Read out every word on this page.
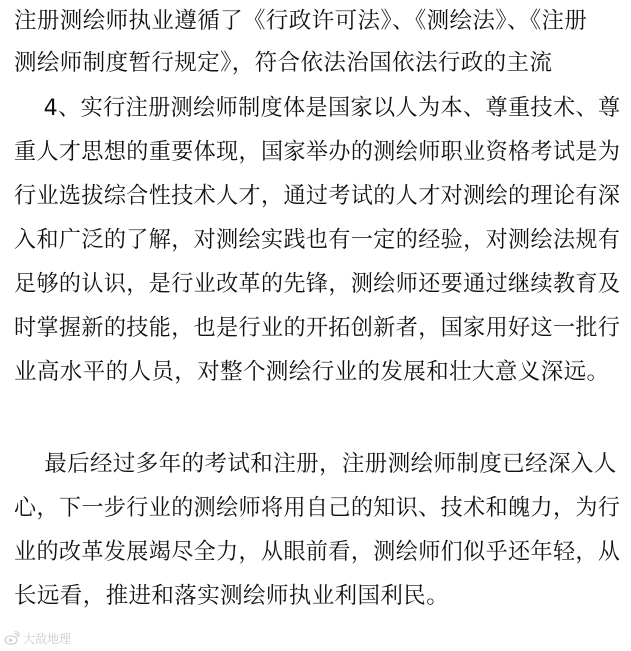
注册测绘师执业遵循了《行政许可法》、《测绘法》、《注册
测绘师制度暂行规定》，符合依法治国依法行政的主流
4、实行注册测绘师制度体是国家以人为本、尊重技术、尊
重人才思想的重要体现，国家举办的测绘师职业资格考试是为
行业选拔综合性技术人才，通过考试的人才对测绘的理论有深
入和广泛的了解，对测绘实践也有一定的经验，对测绘法规有
足够的认识，是行业改革的先锋，测绘师还要通过继续教育及
时掌握新的技能，也是行业的开拓创新者，国家用好这一批行
业高水平的人员，对整个测绘行业的发展和壮大意义深远。
最后经过多年的考试和注册，注册测绘师制度已经深入人
心，下一步行业的测绘师将用自己的知识、技术和魄力，为行
业的改革发展竭尽全力，从眼前看，测绘师们似乎还年轻，从
长远看，推进和落实测绘师执业利国利民。
大敌地理
